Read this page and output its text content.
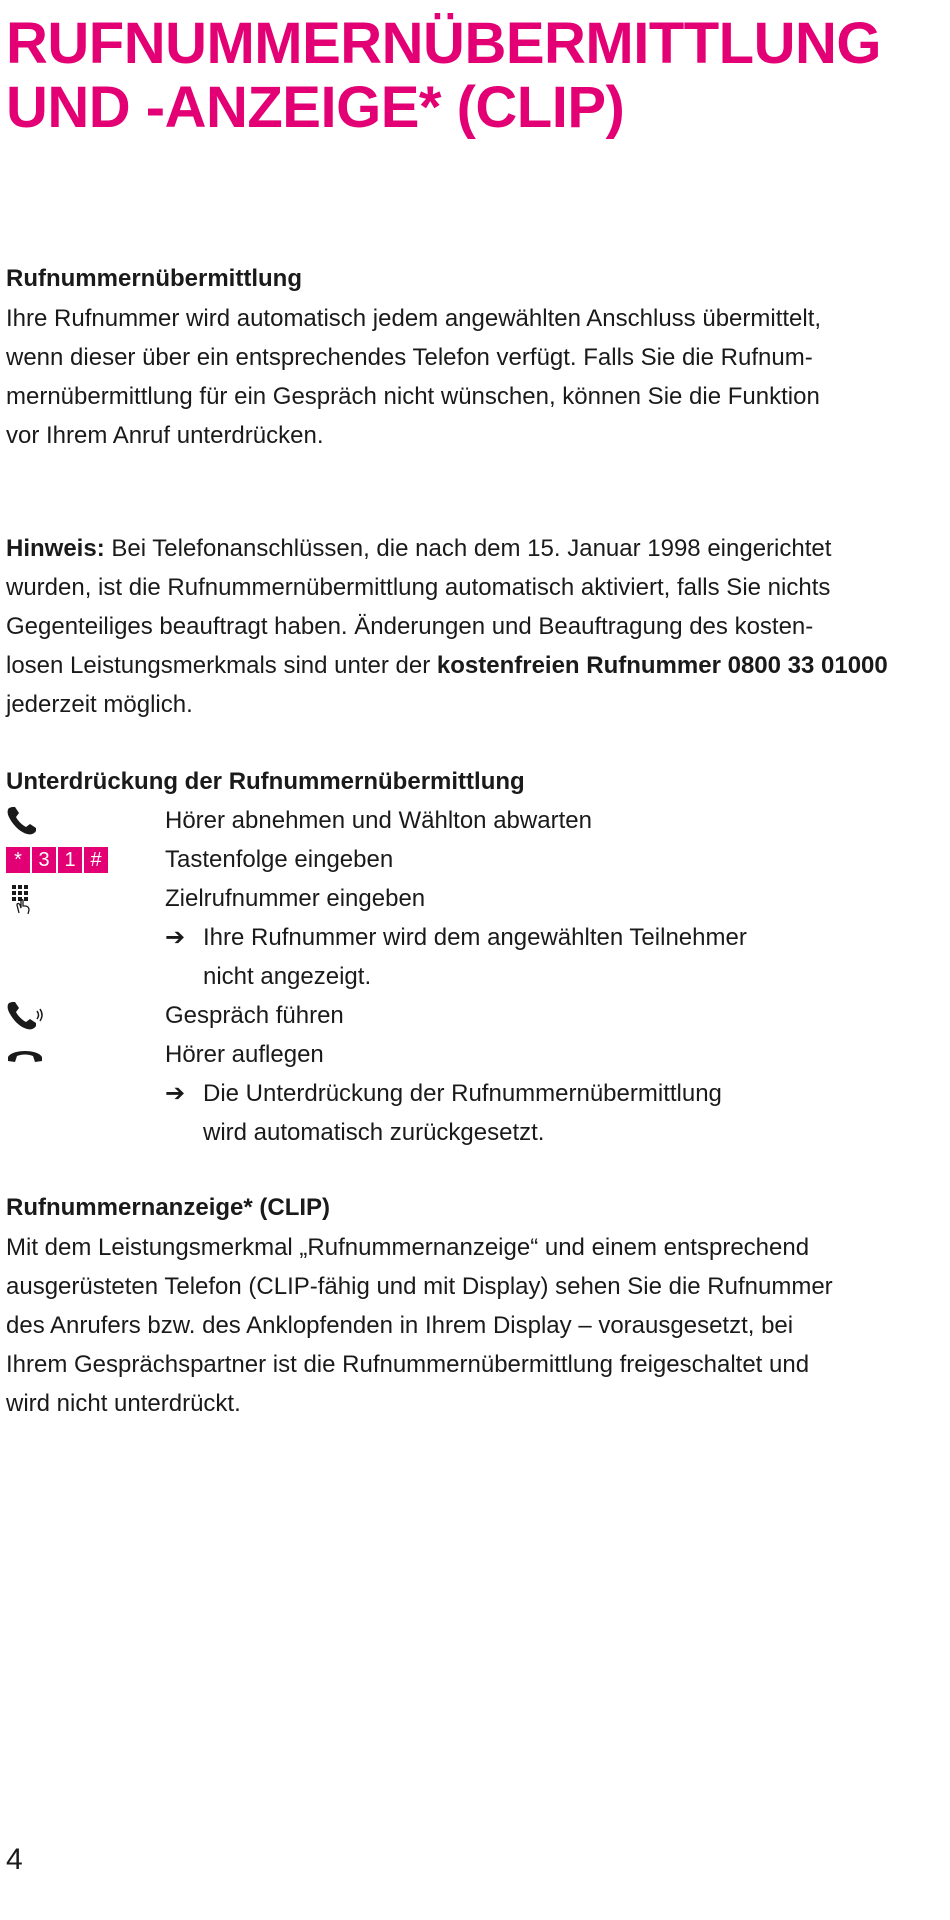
RUFNUMMERNÜBERMITTLUNG
UND -ANZEIGE* (CLIP)
Rufnummernübermittlung

Ihre Rufnummer wird automatisch jedem angewählten Anschluss übermittelt,
wenn dieser über ein entsprechendes Telefon verfügt. Falls Sie die Rufnum-
mernübermittlung für ein Gespräch nicht wünschen, können Sie die Funktion
vor Ihrem Anruf unterdrücken.

Hinweis: Bei Telefonanschlüssen, die nach dem 15. Januar 1998 eingerichtet
wurden, ist die Rufnummernübermittlung automatisch aktiviert, falls Sie nichts
Gegenteiliges beauftragt haben. Änderungen und Beauftragung des kosten-
losen Leistungsmerkmals sind unter der kostenfreien Rufnummer 0800 33 01000
jederzeit möglich.

Unterdrückung der Rufnummernübermittlung
Hörer abnehmen und Wählton abwarten
* 3 1 #	Tastenfolge eingeben
Zielrufnummer eingeben
➔ Ihre Rufnummer wird dem angewählten Teilnehmer
nicht angezeigt.
Gespräch führen
Hörer auflegen
➔ Die Unterdrückung der Rufnummernübermittlung
wird automatisch zurückgesetzt.
Rufnummernanzeige* (CLIP)

Mit dem Leistungsmerkmal „Rufnummernanzeige“ und einem entsprechend
ausgerüsteten Telefon (CLIP-fähig und mit Display) sehen Sie die Rufnummer
des Anrufers bzw. des Anklopfenden in Ihrem Display – vorausgesetzt, bei
Ihrem Gesprächspartner ist die Rufnummernübermittlung freigeschaltet und
wird nicht unterdrückt.

4
